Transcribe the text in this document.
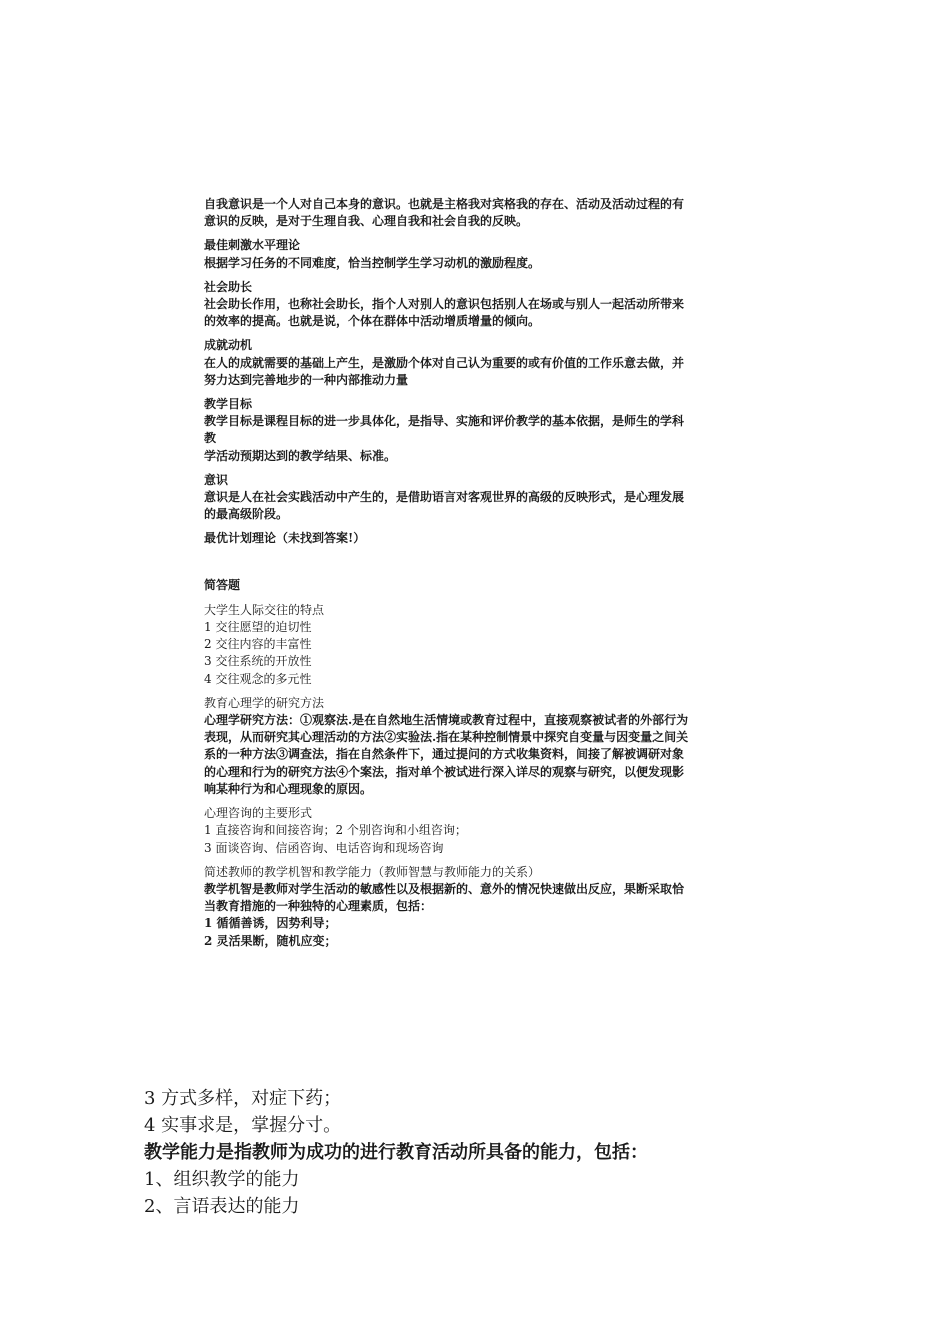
自我意识是一个人对自己本身的意识。也就是主格我对宾格我的存在、活动及活动过程的有

意识的反映，是对于生理自我、心理自我和社会自我的反映。

最佳刺激水平理论

根据学习任务的不同难度，恰当控制学生学习动机的激励程度。

社会助长

社会助长作用，也称社会助长，指个人对别人的意识包括别人在场或与别人一起活动所带来

的效率的提高。也就是说，个体在群体中活动增质增量的倾向。

成就动机

在人的成就需要的基础上产生，是激励个体对自己认为重要的或有价值的工作乐意去做，并

努力达到完善地步的一种内部推动力量

教学目标

教学目标是课程目标的进一步具体化，是指导、实施和评价教学的基本依据，是师生的学科

教

学活动预期达到的教学结果、标准。

意识

意识是人在社会实践活动中产生的，是借助语言对客观世界的高级的反映形式，是心理发展

的最高级阶段。

最优计划理论（未找到答案!）

简答题

大学生人际交往的特点

1 交往愿望的迫切性

2 交往内容的丰富性

3 交往系统的开放性

4 交往观念的多元性

教育心理学的研究方法

心理学研究方法：①观察法.是在自然地生活情境或教育过程中，直接观察被试者的外部行为

表现，从而研究其心理活动的方法②实验法.指在某种控制情景中探究自变量与因变量之间关

系的一种方法③调查法，指在自然条件下，通过提问的方式收集资料，间接了解被调研对象

的心理和行为的研究方法④个案法，指对单个被试进行深入详尽的观察与研究，以便发现影

响某种行为和心理现象的原因。

心理咨询的主要形式

1 直接咨询和间接咨询；2 个别咨询和小组咨询；

3 面谈咨询、信函咨询、电话咨询和现场咨询

简述教师的教学机智和教学能力（教师智慧与教师能力的关系）

教学机智是教师对学生活动的敏感性以及根据新的、意外的情况快速做出反应，果断采取恰

当教育措施的一种独特的心理素质，包括：

1 循循善诱，因势利导；

2 灵活果断，随机应变；

3 方式多样，对症下药；

4 实事求是，掌握分寸。

教学能力是指教师为成功的进行教育活动所具备的能力，包括：

1、组织教学的能力

2、言语表达的能力
